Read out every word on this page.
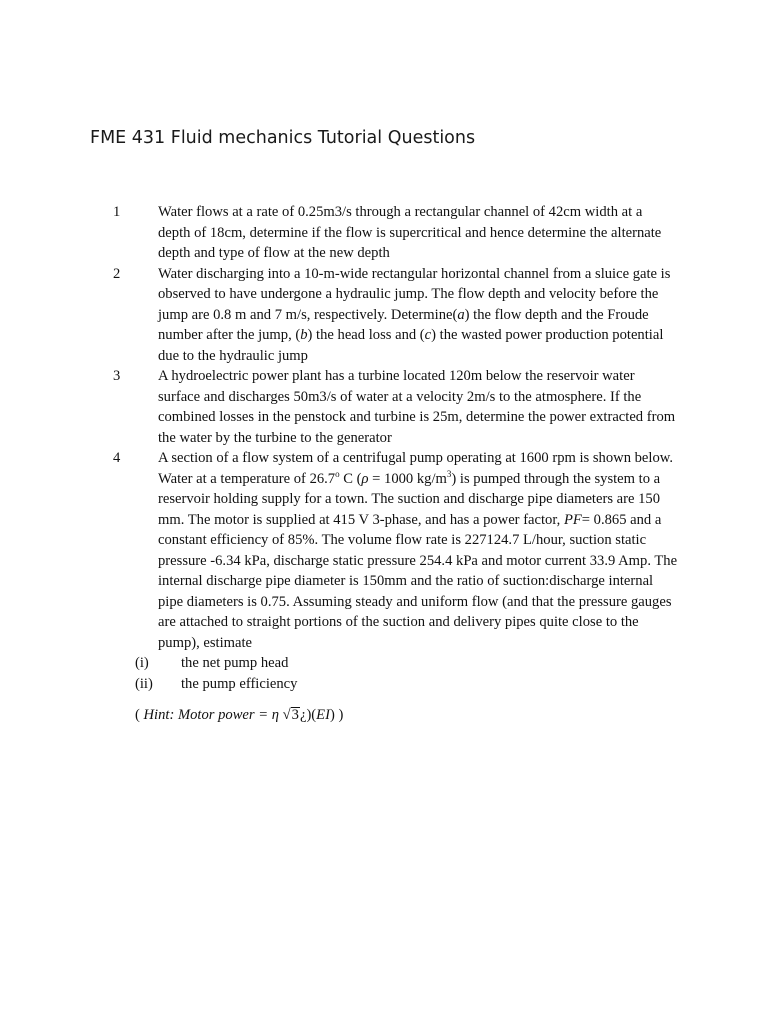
FME 431 Fluid mechanics Tutorial Questions
1	Water flows at a rate of 0.25m3/s through a rectangular channel of 42cm width at a depth of 18cm, determine if the flow is supercritical and hence determine the alternate depth and type of flow at the new depth
2	Water discharging into a 10-m-wide rectangular horizontal channel from a sluice gate is observed to have undergone a hydraulic jump. The flow depth and velocity before the jump are 0.8 m and 7 m/s, respectively. Determine(a) the flow depth and the Froude number after the jump, (b) the head loss and (c) the wasted power production potential due to the hydraulic jump
3	A hydroelectric power plant has a turbine located 120m below the reservoir water surface and discharges 50m3/s of water at a velocity 2m/s to the atmosphere. If the combined losses in the penstock and turbine is 25m, determine the power extracted from the water by the turbine to the generator
4	A section of a flow system of a centrifugal pump operating at 1600 rpm is shown below. Water at a temperature of 26.7$^o$ C (ρ = 1000 $kg/m^3$) is pumped through the system to a reservoir holding supply for a town. The suction and discharge pipe diameters are 150 mm. The motor is supplied at 415 V 3-phase, and has a power factor, PF= 0.865 and a constant efficiency of 85%. The volume flow rate is 227124.7 L/hour, suction static pressure -6.34 kPa, discharge static pressure 254.4 kPa and motor current 33.9 Amp. The internal discharge pipe diameter is 150mm and the ratio of suction:discharge internal pipe diameters is 0.75. Assuming steady and uniform flow (and that the pressure gauges are attached to straight portions of the suction and delivery pipes quite close to the pump), estimate
(i) the net pump head
(ii) the pump efficiency
( Hint: Motor power = η √3¿)(EI) )
